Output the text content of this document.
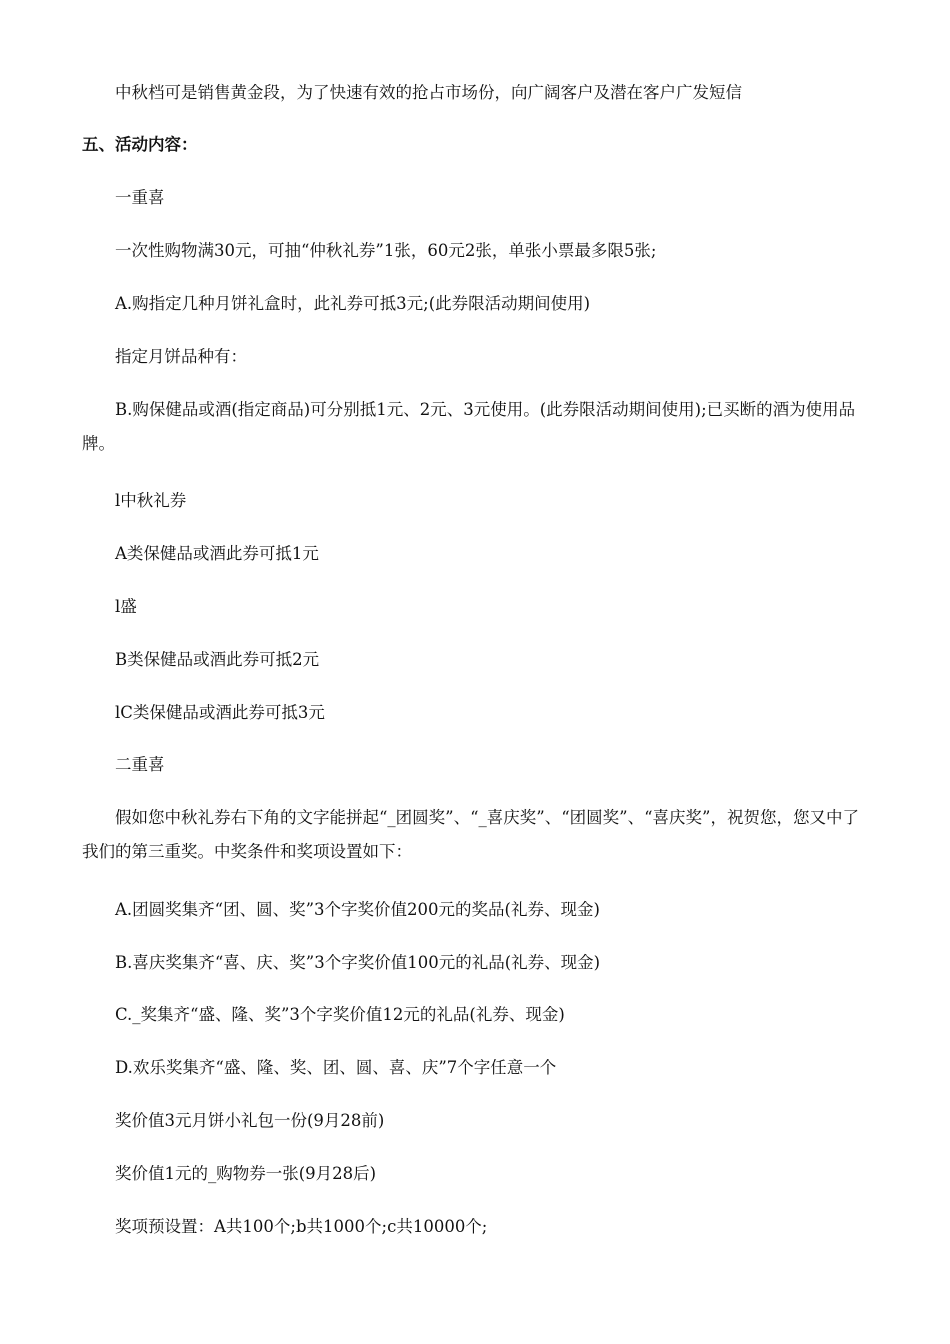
中秋档可是销售黄金段，为了快速有效的抢占市场份，向广阔客户及潜在客户广发短信

五、活动内容：

一重喜

一次性购物满30元，可抽“仲秋礼券”1张，60元2张，单张小票最多限5张;

A.购指定几种月饼礼盒时，此礼券可抵3元;(此券限活动期间使用)

指定月饼品种有：

B.购保健品或酒(指定商品)可分别抵1元、2元、3元使用。(此券限活动期间使用);已买断的酒为使用品牌。

l中秋礼券

A类保健品或酒此券可抵1元

l盛

B类保健品或酒此券可抵2元

lC类保健品或酒此券可抵3元

二重喜

假如您中秋礼券右下角的文字能拼起“_团圆奖”、“_喜庆奖”、“团圆奖”、“喜庆奖”，祝贺您，您又中了我们的第三重奖。中奖条件和奖项设置如下：

A.团圆奖集齐“团、圆、奖”3个字奖价值200元的奖品(礼券、现金)

B.喜庆奖集齐“喜、庆、奖”3个字奖价值100元的礼品(礼券、现金)

C._奖集齐“盛、隆、奖”3个字奖价值12元的礼品(礼券、现金)

D.欢乐奖集齐“盛、隆、奖、团、圆、喜、庆”7个字任意一个

奖价值3元月饼小礼包一份(9月28前)

奖价值1元的_购物券一张(9月28后)

奖项预设置：A共100个;b共1000个;c共10000个;
